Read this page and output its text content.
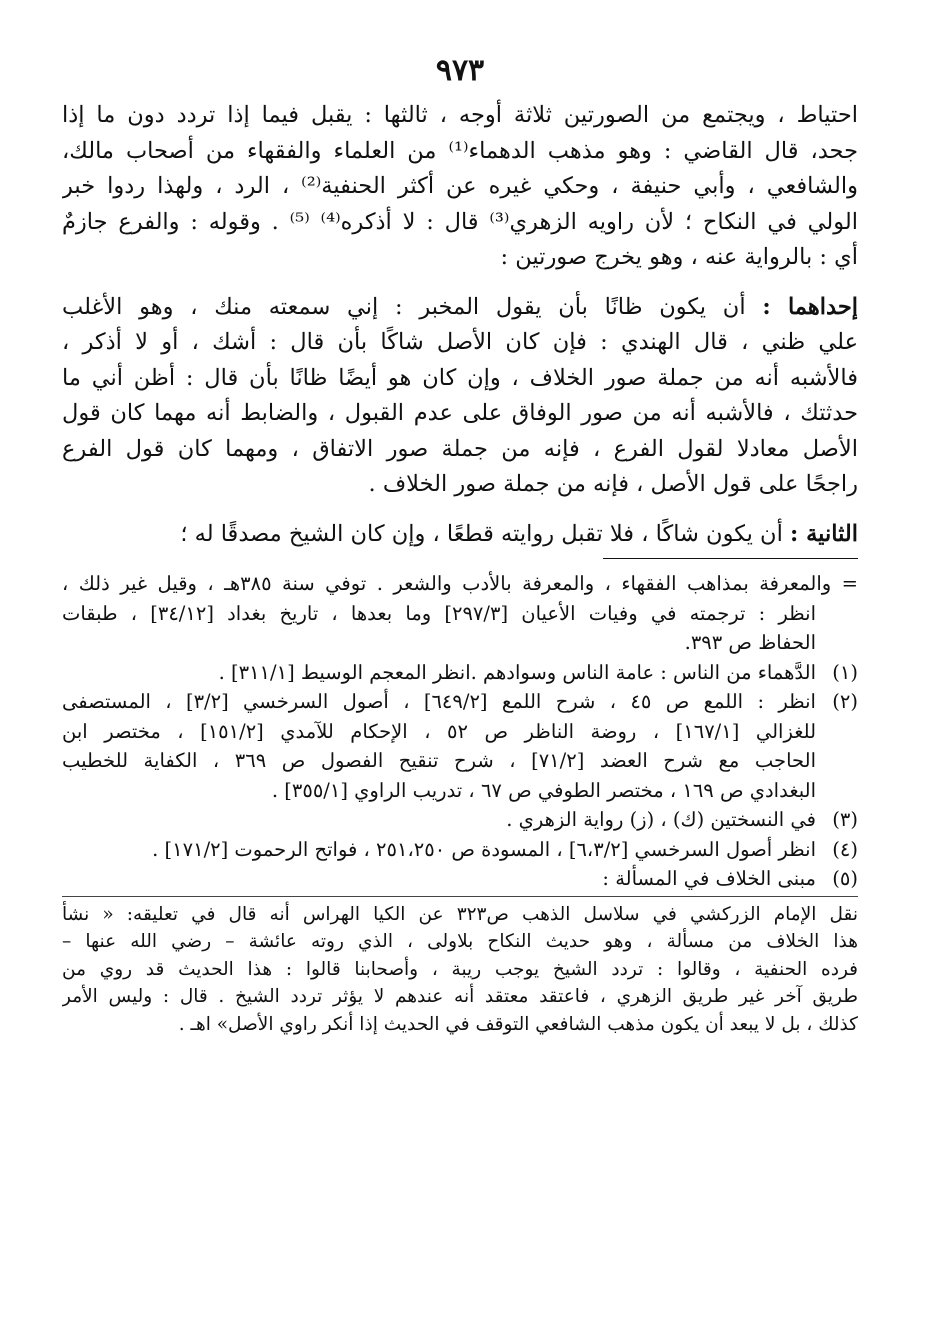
٩٧٣
احتياط ، ويجتمع من الصورتين ثلاثة أوجه ، ثالثها : يقبل فيما إذا تردد دون ما إذا
جحد، قال القاضي : وهو مذهب الدهماء⁽¹⁾ من العلماء والفقهاء من أصحاب مالك،
والشافعي ، وأبي حنيفة ، وحكي غيره عن أكثر الحنفية⁽²⁾ ، الرد ، ولهذا ردوا خبر
الولي في النكاح ؛ لأن راويه الزهري⁽³⁾ قال : لا أذكره⁽⁴⁾ ⁽⁵⁾ . وقوله : والفرع جازمٌ
أي : بالرواية عنه ، وهو يخرج صورتين :
إحداهما : أن يكون ظانًا بأن يقول المخبر : إني سمعته منك ، وهو الأغلب
علي ظني ، قال الهندي : فإن كان الأصل شاكًا بأن قال : أشك ، أو لا أذكر ،
فالأشبه أنه من جملة صور الخلاف ، وإن كان هو أيضًا ظانًا بأن قال : أظن أني ما
حدثتك ، فالأشبه أنه من صور الوفاق على عدم القبول ، والضابط أنه مهما كان قول
الأصل معادلا لقول الفرع ، فإنه من جملة صور الاتفاق ، ومهما كان قول الفرع
راجحًا على قول الأصل ، فإنه من جملة صور الخلاف .
الثانية : أن يكون شاكًا ، فلا تقبل روايته قطعًا ، وإن كان الشيخ مصدقًا له ؛
= والمعرفة بمذاهب الفقهاء ، والمعرفة بالأدب والشعر . توفي سنة ٣٨٥هـ ، وقيل غير ذلك ،
انظر : ترجمته في وفيات الأعيان [٢٩٧/٣] وما بعدها ، تاريخ بغداد [٣٤/١٢] ، طبقات
الحفاظ ص ٣٩٣.
(١)الدَّهماء من الناس : عامة الناس وسوادهم .انظر المعجم الوسيط [٣١١/١] .
(٢)انظر : اللمع ص ٤٥ ، شرح اللمع [٦٤٩/٢] ، أصول السرخسي [٣/٢] ، المستصفى
للغزالي [١٦٧/١] ، روضة الناظر ص ٥٢ ، الإحكام للآمدي [١٥١/٢] ، مختصر ابن
الحاجب مع شرح العضد [٧١/٢] ، شرح تنقيح الفصول ص ٣٦٩ ، الكفاية للخطيب
البغدادي ص ١٦٩ ، مختصر الطوفي ص ٦٧ ، تدريب الراوي [٣٥٥/١] .
(٣)في النسختين (ك) ، (ز) رواية الزهري .
(٤)انظر أصول السرخسي [٦،٣/٢] ، المسودة ص ٢٥١،٢٥٠ ، فواتح الرحموت [١٧١/٢] .
(٥)مبنى الخلاف في المسألة :
نقل الإمام الزركشي في سلاسل الذهب ص٣٢٣ عن الكيا الهراس أنه قال في تعليقه: « نشأ
هذا الخلاف من مسألة ، وهو حديث النكاح بلاولى ، الذي روته عائشة – رضي الله عنها –
فرده الحنفية ، وقالوا : تردد الشيخ يوجب ريبة ، وأصحابنا قالوا : هذا الحديث قد روي من
طريق آخر غير طريق الزهري ، فاعتقد معتقد أنه عندهم لا يؤثر تردد الشيخ . قال : وليس الأمر
كذلك ، بل لا يبعد أن يكون مذهب الشافعي التوقف في الحديث إذا أنكر راوي الأصل» اهـ .
